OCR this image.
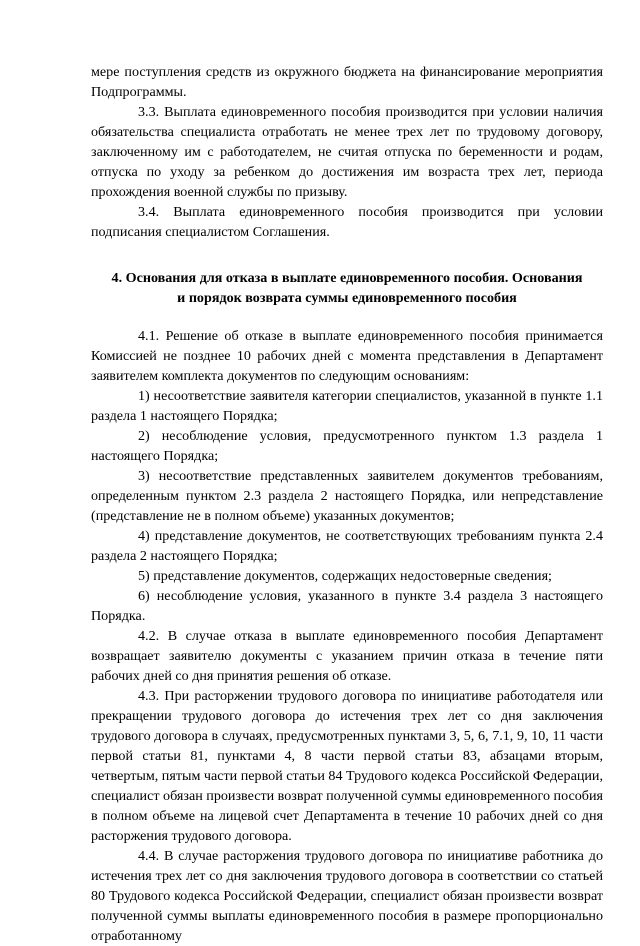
мере поступления средств из окружного бюджета на финансирование мероприятия Подпрограммы.

3.3. Выплата единовременного пособия производится при условии наличия обязательства специалиста отработать не менее трех лет по трудовому договору, заключенному им с работодателем, не считая отпуска по беременности и родам, отпуска по уходу за ребенком до достижения им возраста трех лет, периода прохождения военной службы по призыву.

3.4. Выплата единовременного пособия производится при условии подписания специалистом Соглашения.

4. Основания для отказа в выплате единовременного пособия. Основания
и порядок возврата суммы единовременного пособия

4.1. Решение об отказе в выплате единовременного пособия принимается Комиссией не позднее 10 рабочих дней с момента представления в Департамент заявителем комплекта документов по следующим основаниям:

1) несоответствие заявителя категории специалистов, указанной в пункте 1.1 раздела 1 настоящего Порядка;

2) несоблюдение условия, предусмотренного пунктом 1.3 раздела 1 настоящего Порядка;

3) несоответствие представленных заявителем документов требованиям, определенным пунктом 2.3 раздела 2 настоящего Порядка, или непредставление (представление не в полном объеме) указанных документов;

4) представление документов, не соответствующих требованиям пункта 2.4 раздела 2 настоящего Порядка;

5) представление документов, содержащих недостоверные сведения;

6) несоблюдение условия, указанного в пункте 3.4 раздела 3 настоящего Порядка.

4.2. В случае отказа в выплате единовременного пособия Департамент возвращает заявителю документы с указанием причин отказа в течение пяти рабочих дней со дня принятия решения об отказе.

4.3. При расторжении трудового договора по инициативе работодателя или прекращении трудового договора до истечения трех лет со дня заключения трудового договора в случаях, предусмотренных пунктами 3, 5, 6, 7.1, 9, 10, 11 части первой статьи 81, пунктами 4, 8 части первой статьи 83, абзацами вторым, четвертым, пятым части первой статьи 84 Трудового кодекса Российской Федерации, специалист обязан произвести возврат полученной суммы единовременного пособия в полном объеме на лицевой счет Департамента в течение 10 рабочих дней со дня расторжения трудового договора.

4.4. В случае расторжения трудового договора по инициативе работника до истечения трех лет со дня заключения трудового договора в соответствии со статьей 80 Трудового кодекса Российской Федерации, специалист обязан произвести возврат полученной суммы выплаты единовременного пособия в размере пропорционально отработанному
